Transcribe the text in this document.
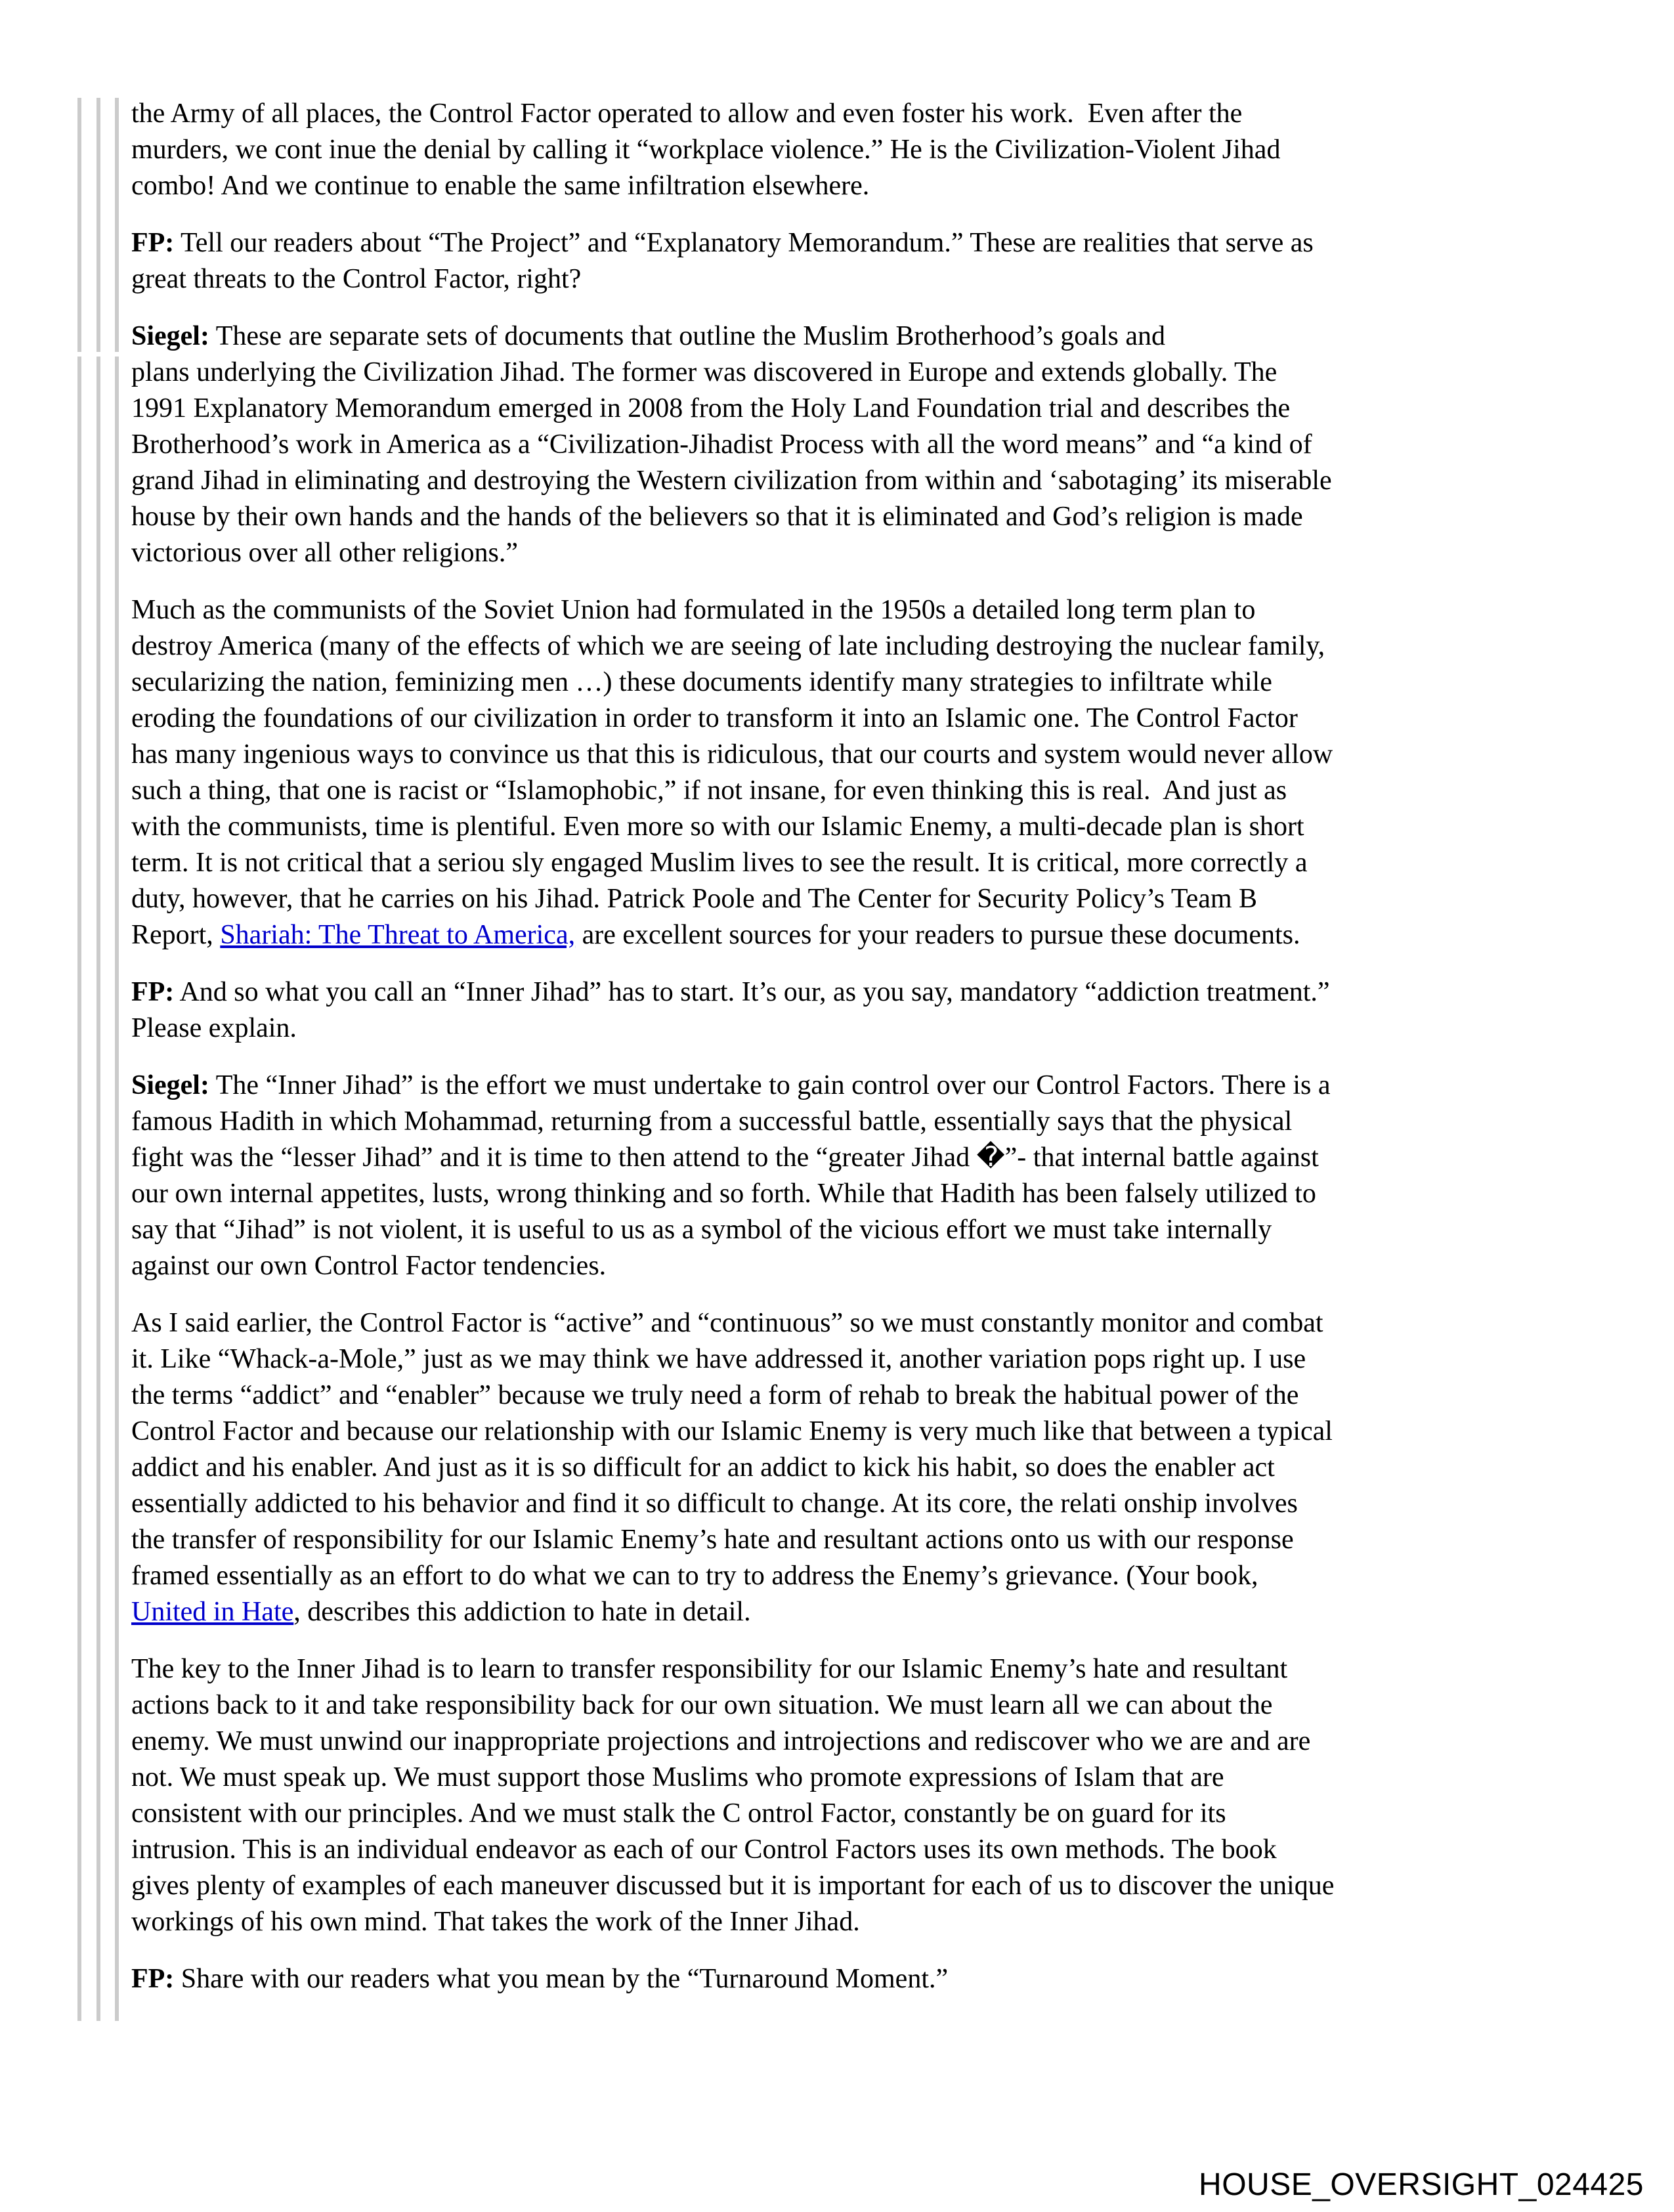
the Army of all places, the Control Factor operated to allow and even foster his work.  Even after the
murders, we cont inue the denial by calling it “workplace violence.” He is the Civilization-Violent Jihad
combo! And we continue to enable the same infiltration elsewhere.
FP: Tell our readers about “The Project” and “Explanatory Memorandum.” These are realities that serve as
great threats to the Control Factor, right?
Siegel: These are separate sets of documents that outline the Muslim Brotherhood’s goals and
plans underlying the Civilization Jihad. The former was discovered in Europe and extends globally. The
1991 Explanatory Memorandum emerged in 2008 from the Holy Land Foundation trial and describes the
Brotherhood’s work in America as a “Civilization-Jihadist Process with all the word means” and “a kind of
grand Jihad in eliminating and destroying the Western civilization from within and ‘sabotaging’ its miserable
house by their own hands and the hands of the believers so that it is eliminated and God’s religion is made
victorious over all other religions.”
Much as the communists of the Soviet Union had formulated in the 1950s a detailed long term plan to
destroy America (many of the effects of which we are seeing of late including destroying the nuclear family,
secularizing the nation, feminizing men …) these documents identify many strategies to infiltrate while
eroding the foundations of our civilization in order to transform it into an Islamic one. The Control Factor
has many ingenious ways to convince us that this is ridiculous, that our courts and system would never allow
such a thing, that one is racist or “Islamophobic,” if not insane, for even thinking this is real.  And just as
with the communists, time is plentiful. Even more so with our Islamic Enemy, a multi-decade plan is short
term. It is not critical that a seriou sly engaged Muslim lives to see the result. It is critical, more correctly a
duty, however, that he carries on his Jihad. Patrick Poole and The Center for Security Policy’s Team B
Report, Shariah: The Threat to America, are excellent sources for your readers to pursue these documents.
FP: And so what you call an “Inner Jihad” has to start. It’s our, as you say, mandatory “addiction treatment.”
Please explain.
Siegel: The “Inner Jihad” is the effort we must undertake to gain control over our Control Factors. There is a
famous Hadith in which Mohammad, returning from a successful battle, essentially says that the physical
fight was the “lesser Jihad” and it is time to then attend to the “greater Jihad �”- that internal battle against
our own internal appetites, lusts, wrong thinking and so forth. While that Hadith has been falsely utilized to
say that “Jihad” is not violent, it is useful to us as a symbol of the vicious effort we must take internally
against our own Control Factor tendencies.
As I said earlier, the Control Factor is “active” and “continuous” so we must constantly monitor and combat
it. Like “Whack-a-Mole,” just as we may think we have addressed it, another variation pops right up. I use
the terms “addict” and “enabler” because we truly need a form of rehab to break the habitual power of the
Control Factor and because our relationship with our Islamic Enemy is very much like that between a typical
addict and his enabler. And just as it is so difficult for an addict to kick his habit, so does the enabler act
essentially addicted to his behavior and find it so difficult to change. At its core, the relati onship involves
the transfer of responsibility for our Islamic Enemy’s hate and resultant actions onto us with our response
framed essentially as an effort to do what we can to try to address the Enemy’s grievance. (Your book,
United in Hate, describes this addiction to hate in detail.
The key to the Inner Jihad is to learn to transfer responsibility for our Islamic Enemy’s hate and resultant
actions back to it and take responsibility back for our own situation. We must learn all we can about the
enemy. We must unwind our inappropriate projections and introjections and rediscover who we are and are
not. We must speak up. We must support those Muslims who promote expressions of Islam that are
consistent with our principles. And we must stalk the C ontrol Factor, constantly be on guard for its
intrusion. This is an individual endeavor as each of our Control Factors uses its own methods. The book
gives plenty of examples of each maneuver discussed but it is important for each of us to discover the unique
workings of his own mind. That takes the work of the Inner Jihad.
FP: Share with our readers what you mean by the “Turnaround Moment.”
HOUSE_OVERSIGHT_024425
